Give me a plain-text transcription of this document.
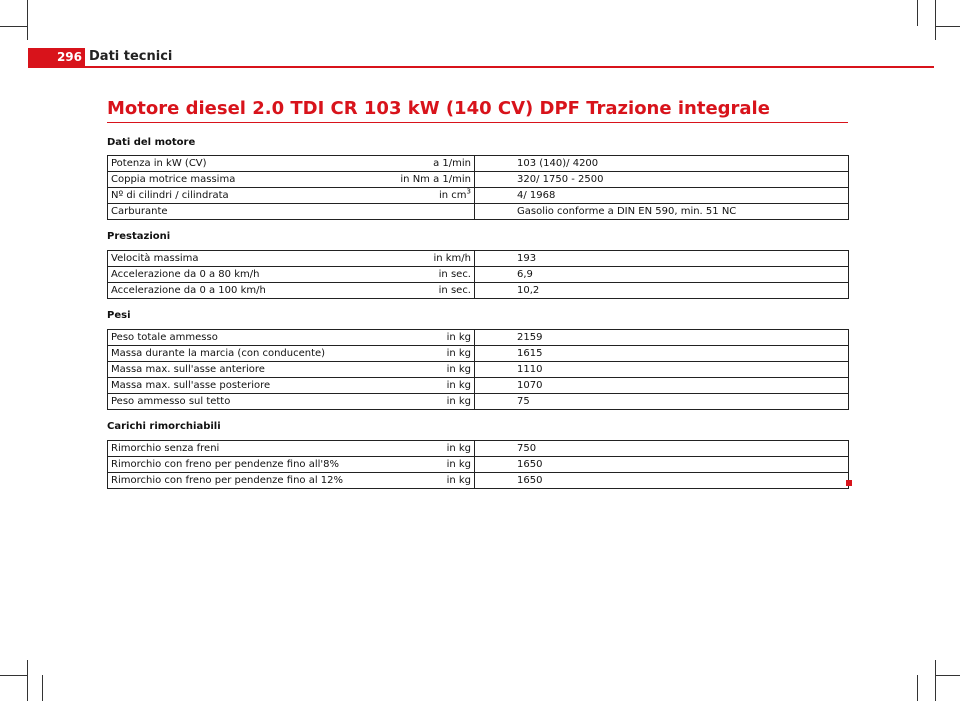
296 Dati tecnici
Motore diesel 2.0 TDI CR 103 kW (140 CV) DPF Trazione integrale
Dati del motore
Potenza in kW (CV)	a 1/min	103 (140)/ 4200
Coppia motrice massima	in Nm a 1/min	320/ 1750 - 2500
Nº di cilindri / cilindrata	in $cm^3$	4/ 1968
Carburante		Gasolio conforme a DIN EN 590, min. 51 NC
Prestazioni
Velocità massima	in km/h	193
Accelerazione da 0 a 80 km/h	in sec.	6,9
Accelerazione da 0 a 100 km/h	in sec.	10,2
Pesi
Peso totale ammesso	in kg	2159
Massa durante la marcia (con conducente)	in kg	1615
Massa max. sull'asse anteriore	in kg	1110
Massa max. sull'asse posteriore	in kg	1070
Peso ammesso sul tetto	in kg	75
Carichi rimorchiabili
Rimorchio senza freni	in kg	750
Rimorchio con freno per pendenze fino all'8%	in kg	1650
Rimorchio con freno per pendenze fino al 12%	in kg	1650
